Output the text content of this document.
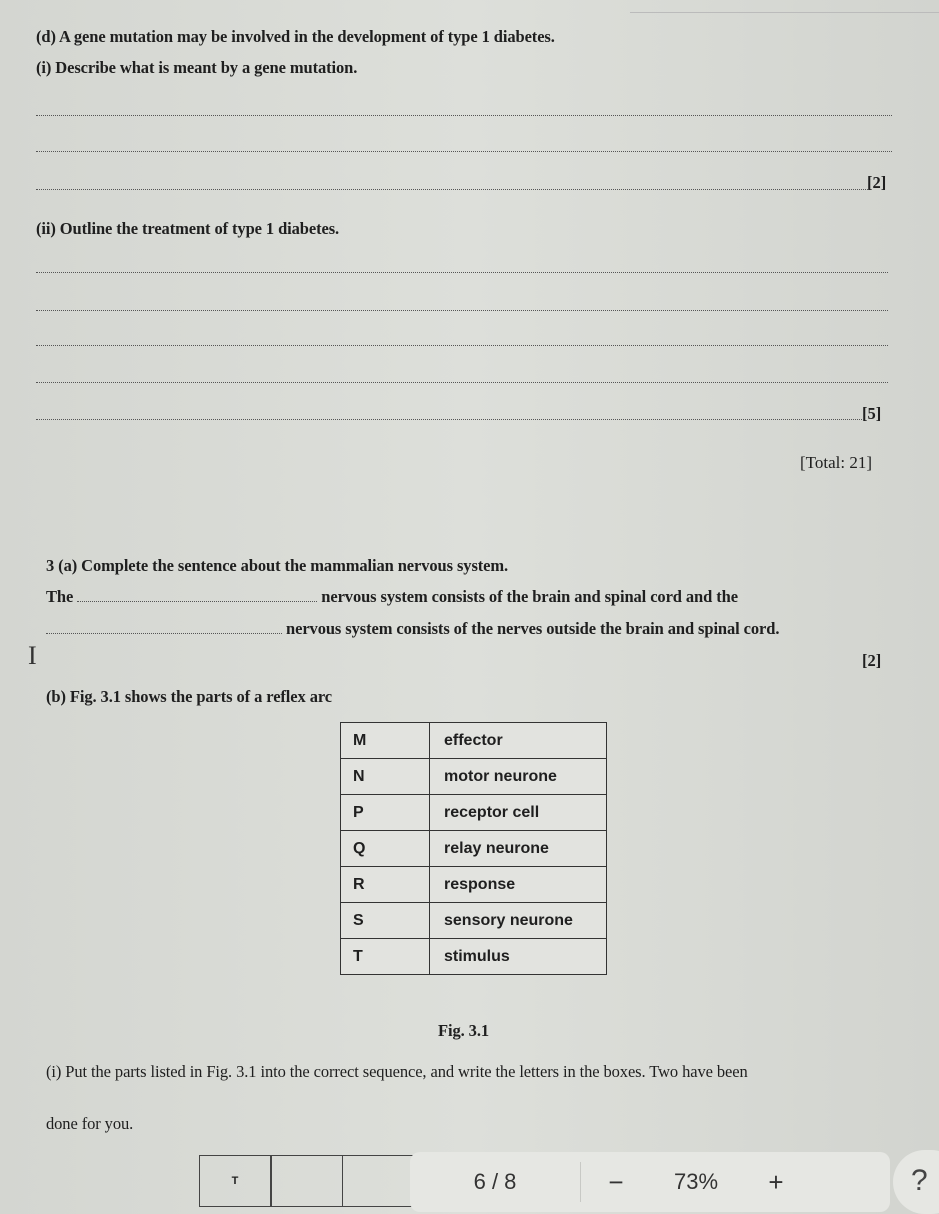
(d) A gene mutation may be involved in the development of type 1 diabetes.
(i) Describe what is meant by a gene mutation.
[2]
(ii) Outline the treatment of type 1 diabetes.
[5]
[Total: 21]
3 (a) Complete the sentence about the mammalian nervous system.
The	nervous system consists of the brain and spinal cord and the
nervous system consists of the nerves outside the brain and spinal cord.
I	[2]
(b) Fig. 3.1 shows the parts of a reflex arc
M	effector
N	motor neurone
P	receptor cell
Q	relay neurone
R	response
S	sensory neurone
T	stimulus
Fig. 3.1
(i) Put the parts listed in Fig. 3.1 into the correct sequence, and write the letters in the boxes. Two have been
done for you.
T	6 / 8	−	73%	+	?
